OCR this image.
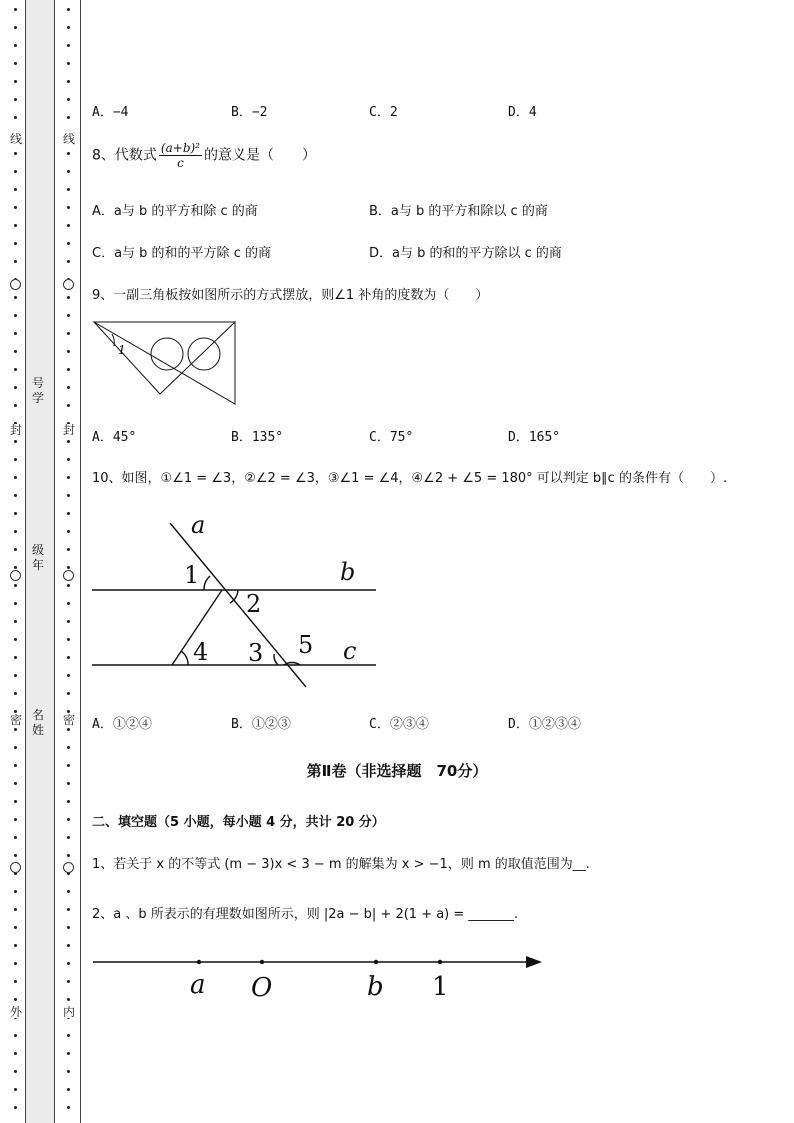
线
封
密
外
线
封
密
内
号学
级年
名姓
A．−4	B．−2	C．2	D．4
8、代数式 $\frac{\text{(a+b)²}}{c}$ 的意义是（　　）
A．a与 b 的平方和除 c 的商	B．a与 b 的平方和除以 c 的商
C．a与 b 的和的平方除 c 的商	D．a与 b 的和的平方除以 c 的商
9、一副三角板按如图所示的方式摆放，则∠1 补角的度数为（　　）
1
A．45°	B．135°	C．75°	D．165°
10、如图，①∠1 = ∠3，②∠2 = ∠3，③∠1 = ∠4，④∠2 + ∠5 = 180° 可以判定 b∥c 的条件有（　　）.
a
b
c
1
2
3
4	5
A．①②④	B．①②③	C．②③④	D．①②③④
第Ⅱ卷（非选择题　70分）
二、填空题（5 小题，每小题 4 分，共计 20 分）
1、若关于 x 的不等式 (m − 3)x < 3 − m 的解集为 x > −1，则 m 的取值范围为__.
2、a 、b 所表示的有理数如图所示，则 |2a − b| + 2(1 + a) = _______.
a O	b 1
